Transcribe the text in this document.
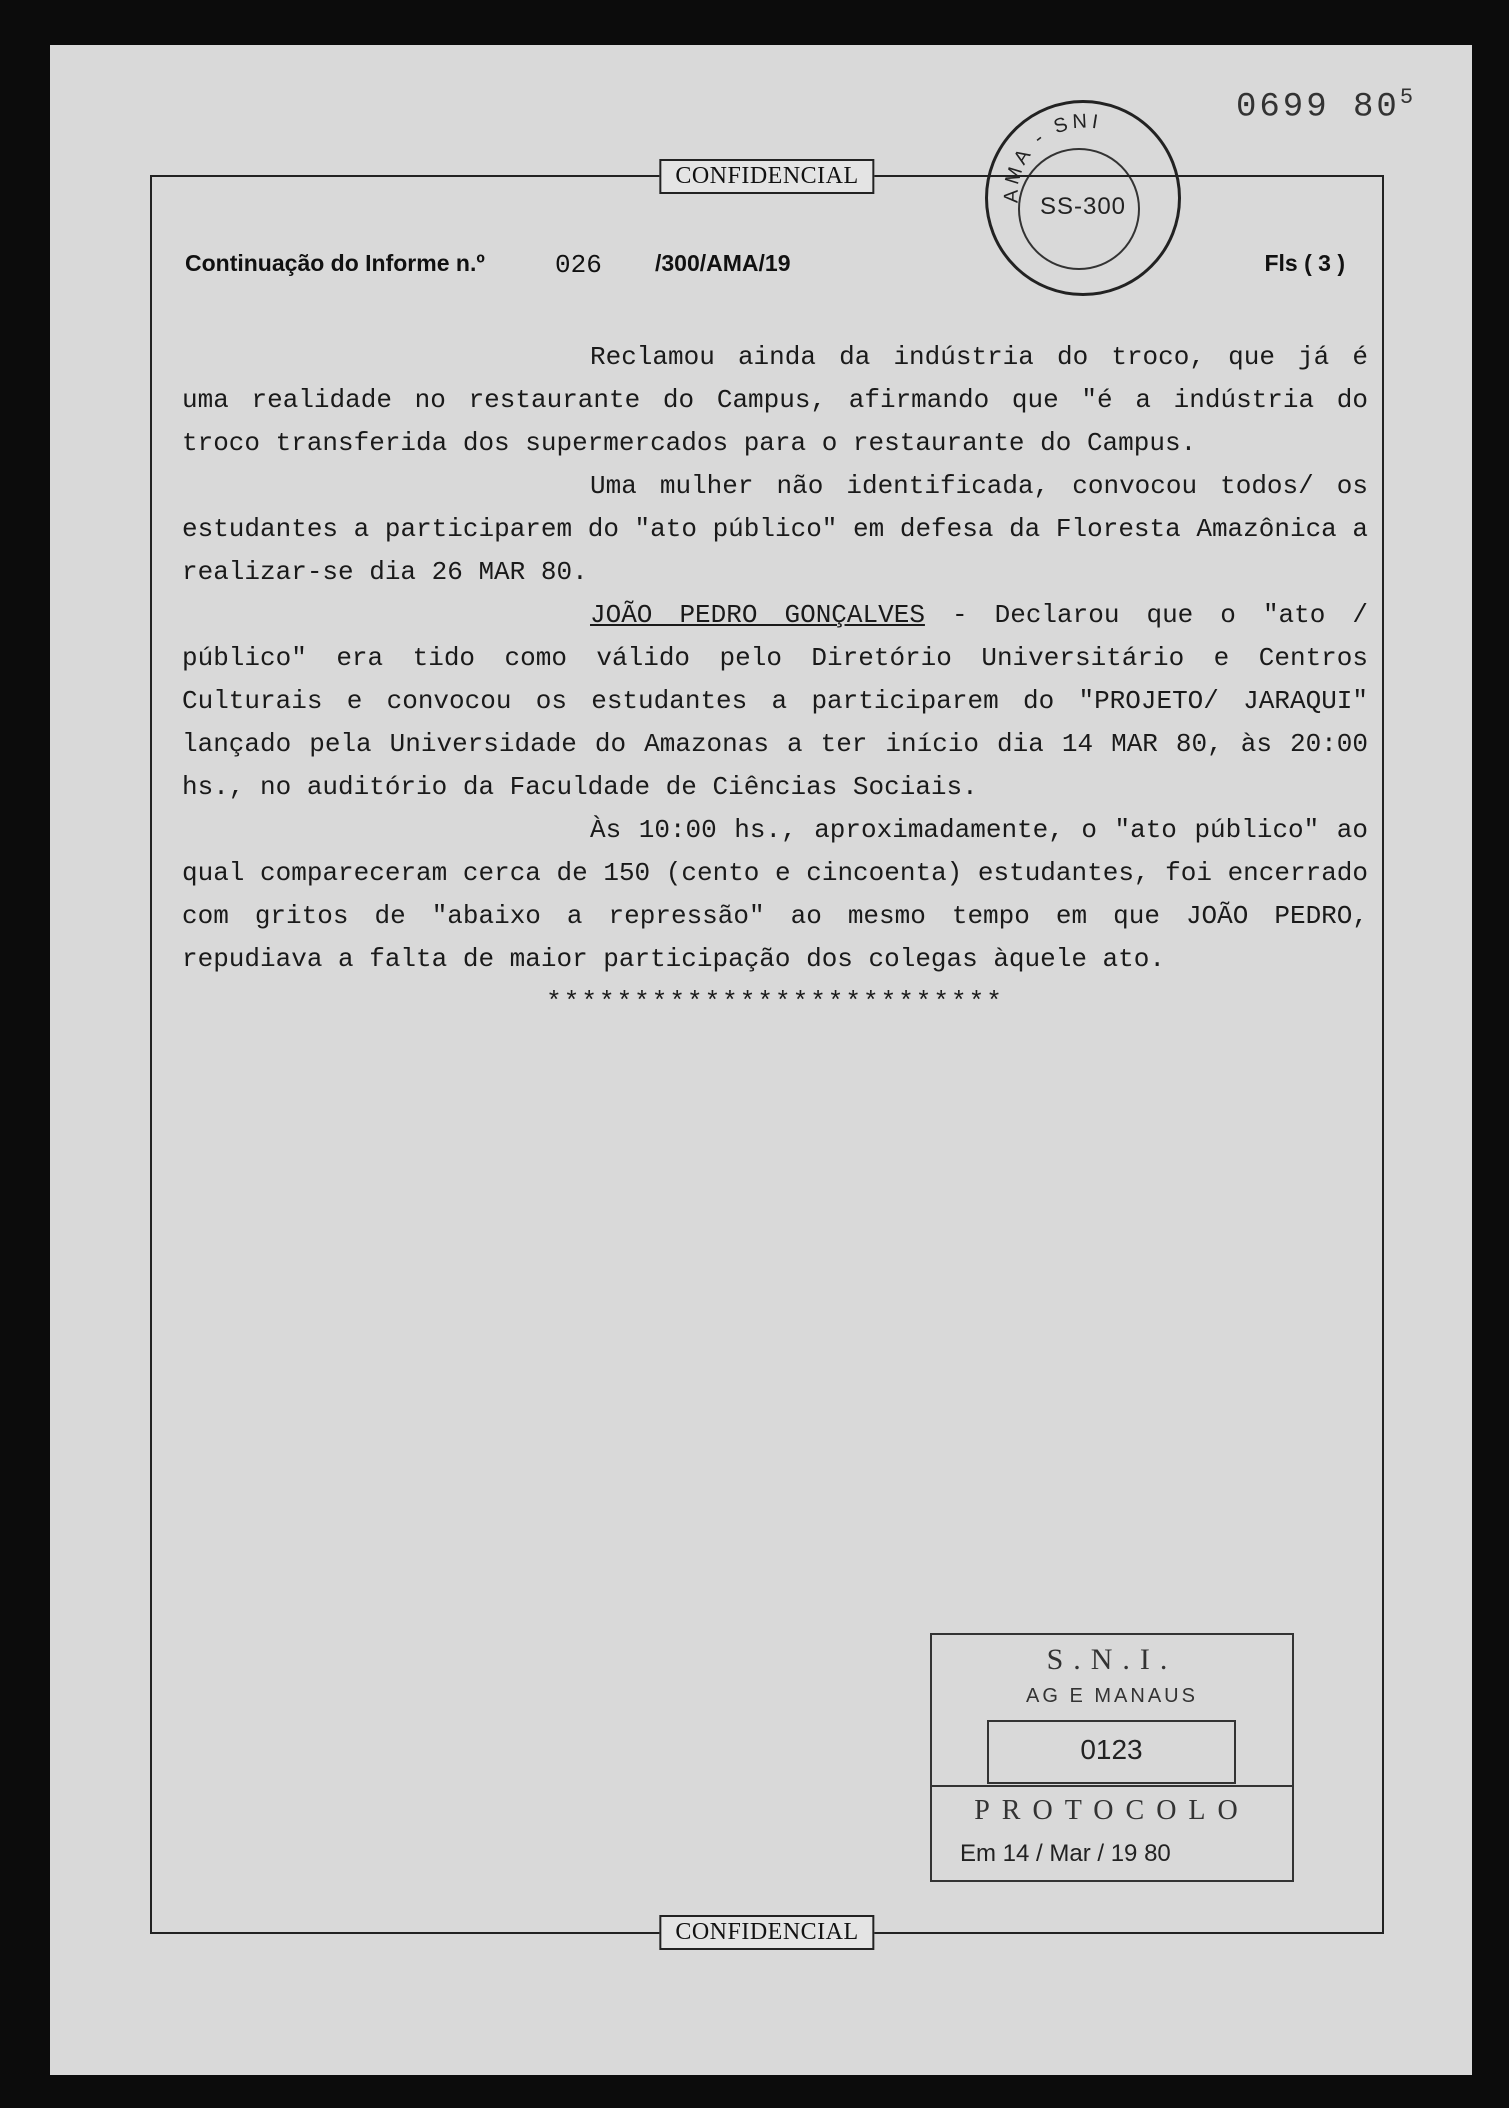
0699 $80^5$
AMA - SNI
SS-300
CONFIDENCIAL
CONFIDENCIAL
Continuação do Informe n.º	026 /300/AMA/19	Fls ( 3 )

Reclamou ainda da indústria do troco, que já é uma realidade no restaurante do Campus, afirmando que "é a indústria do troco transferida dos supermercados para o restaurante do Campus.

Uma mulher não identificada, convocou todos/ os estudantes a participarem do "ato público" em defesa da Floresta Amazônica a realizar-se dia 26 MAR 80.

JOÃO PEDRO GONÇALVES - Declarou que o "ato / público" era tido como válido pelo Diretório Universitário e Centros Culturais e convocou os estudantes a participarem do "PROJETO/ JARAQUI" lançado pela Universidade do Amazonas a ter início dia 14 MAR 80, às 20:00 hs., no auditório da Faculdade de Ciências Sociais.

Às 10:00 hs., aproximadamente, o "ato público" ao qual compareceram cerca de 150 (cento e cincoenta) estudantes, foi encerrado com gritos de "abaixo a repressão" ao mesmo tempo em que JOÃO PEDRO, repudiava a falta de maior participação dos colegas àquele ato.

**************************

S.N.I.
AG E MANAUS
0123
PROTOCOLO
Em 14 / Mar / 19 80
